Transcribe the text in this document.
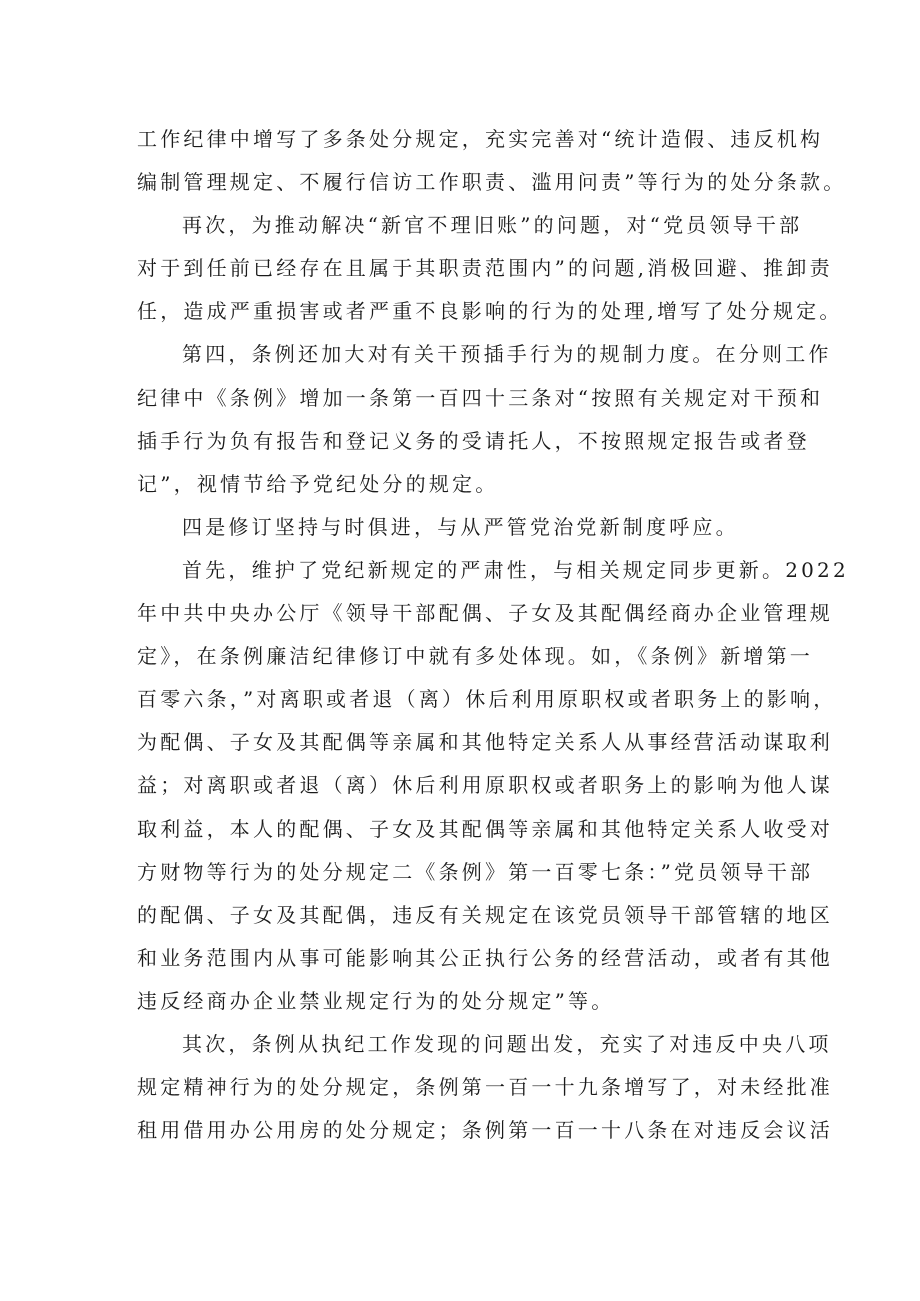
工作纪律中增写了多条处分规定，充实完善对“统计造假、违反机构
编制管理规定、不履行信访工作职责、滥用问责”等行为的处分条款。
再次，为推动解决“新官不理旧账”的问题，对“党员领导干部
对于到任前已经存在且属于其职责范围内”的问题,消极回避、推卸责
任，造成严重损害或者严重不良影响的行为的处理,增写了处分规定。
第四，条例还加大对有关干预插手行为的规制力度。在分则工作
纪律中《条例》增加一条第一百四十三条对“按照有关规定对干预和
插手行为负有报告和登记义务的受请托人，不按照规定报告或者登
记”，视情节给予党纪处分的规定。
四是修订坚持与时俱进，与从严管党治党新制度呼应。
首先，维护了党纪新规定的严肃性，与相关规定同步更新。2022
年中共中央办公厅《领导干部配偶、子女及其配偶经商办企业管理规
定》，在条例廉洁纪律修订中就有多处体现。如，《条例》新增第一
百零六条，”对离职或者退（离）休后利用原职权或者职务上的影响，
为配偶、子女及其配偶等亲属和其他特定关系人从事经营活动谋取利
益；对离职或者退（离）休后利用原职权或者职务上的影响为他人谋
取利益，本人的配偶、子女及其配偶等亲属和其他特定关系人收受对
方财物等行为的处分规定二《条例》第一百零七条：”党员领导干部
的配偶、子女及其配偶，违反有关规定在该党员领导干部管辖的地区
和业务范围内从事可能影响其公正执行公务的经营活动，或者有其他
违反经商办企业禁业规定行为的处分规定”等。
其次，条例从执纪工作发现的问题出发，充实了对违反中央八项
规定精神行为的处分规定，条例第一百一十九条增写了，对未经批准
租用借用办公用房的处分规定；条例第一百一十八条在对违反会议活
